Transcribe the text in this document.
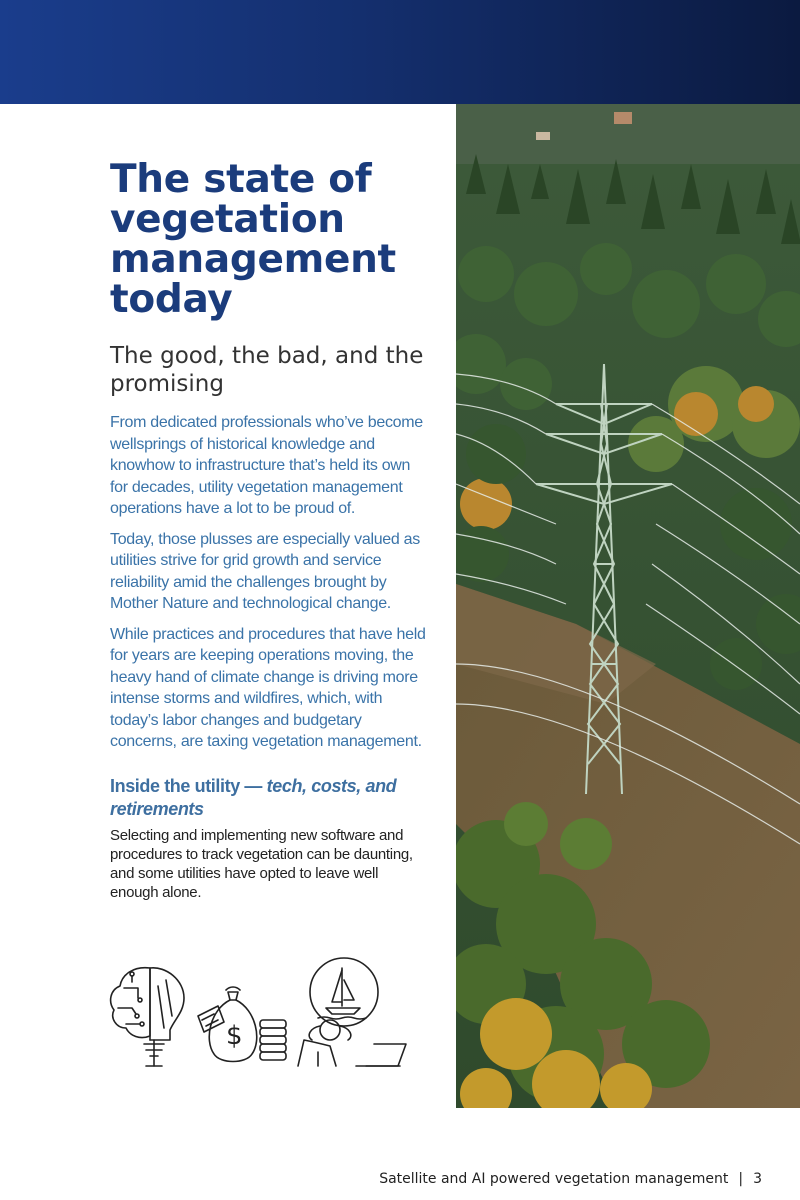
The state of vegetation management today
The good, the bad, and the promising

From dedicated professionals who’ve become wellsprings of historical knowledge and knowhow to infrastructure that’s held its own for decades, utility vegetation management operations have a lot to be proud of.

Today, those plusses are especially valued as utilities strive for grid growth and service reliability amid the challenges brought by Mother Nature and technological change.

While practices and procedures that have held for years are keeping operations moving, the heavy hand of climate change is driving more intense storms and wildfires, which, with today’s labor changes and budgetary concerns, are taxing vegetation management.

Inside the utility — tech, costs, and retirements

Selecting and implementing new software and procedures to track vegetation can be daunting, and some utilities have opted to leave well enough alone.

$
Satellite and AI powered vegetation management | 3
